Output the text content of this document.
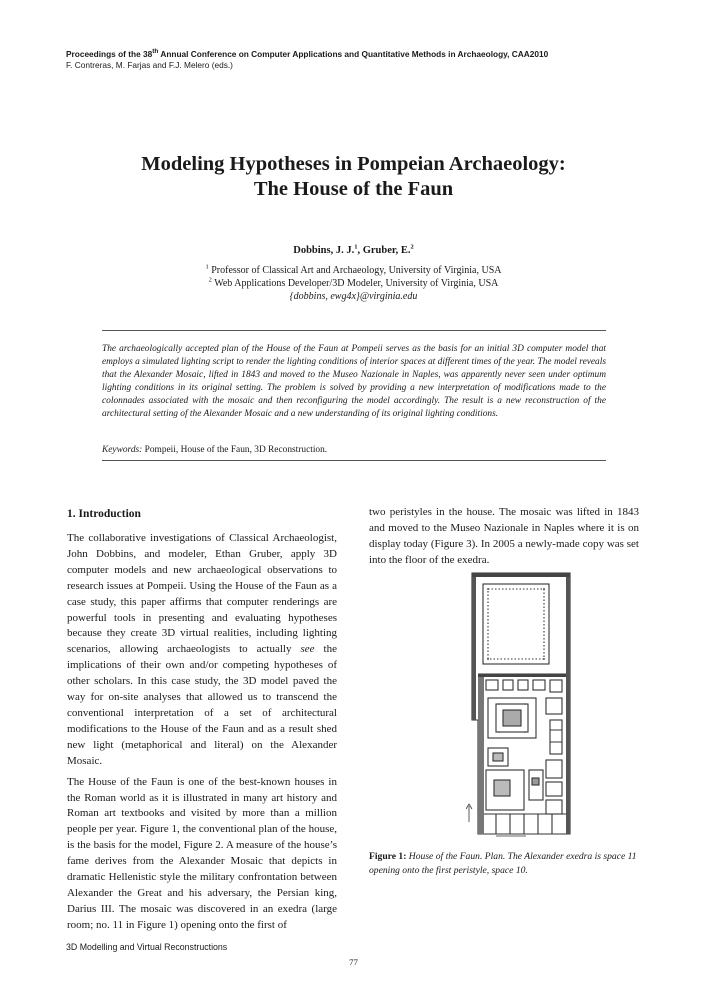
Proceedings of the 38th Annual Conference on Computer Applications and Quantitative Methods in Archaeology, CAA2010
F. Contreras, M. Farjas and F.J. Melero (eds.)
Modeling Hypotheses in Pompeian Archaeology:
The House of the Faun
Dobbins, J. J.$^1$, Gruber, E.$^2$
$^1$ Professor of Classical Art and Archaeology, University of Virginia, USA
$^2$ Web Applications Developer/3D Modeler, University of Virginia, USA
{dobbins, ewg4x}@virginia.edu
The archaeologically accepted plan of the House of the Faun at Pompeii serves as the basis for an initial 3D computer model that employs a simulated lighting script to render the lighting conditions of interior spaces at different times of the year. The model reveals that the Alexander Mosaic, lifted in 1843 and moved to the Museo Nazionale in Naples, was apparently never seen under optimum lighting conditions in its original setting. The problem is solved by providing a new interpretation of modifications made to the colonnades associated with the mosaic and then reconfiguring the model accordingly. The result is a new reconstruction of the architectural setting of the Alexander Mosaic and a new understanding of its original lighting conditions.
Keywords: Pompeii, House of the Faun, 3D Reconstruction.
1. Introduction

The collaborative investigations of Classical Archaeologist, John Dobbins, and modeler, Ethan Gruber, apply 3D computer models and new archaeological observations to research issues at Pompeii. Using the House of the Faun as a case study, this paper affirms that computer renderings are powerful tools in presenting and evaluating hypotheses because they create 3D virtual realities, including lighting scenarios, allowing archaeologists to actually see the implications of their own and/or competing hypotheses of other scholars. In this case study, the 3D model paved the way for on-site analyses that allowed us to transcend the conventional interpretation of a set of architectural modifications to the House of the Faun and as a result shed new light (metaphorical and literal) on the Alexander Mosaic.

The House of the Faun is one of the best-known houses in the Roman world as it is illustrated in many art history and Roman art textbooks and visited by more than a million people per year. Figure 1, the conventional plan of the house, is the basis for the model, Figure 2. A measure of the house’s fame derives from the Alexander Mosaic that depicts in dramatic Hellenistic style the military confrontation between Alexander the Great and his adversary, the Persian king, Darius III. The mosaic was discovered in an exedra (large room; no. 11 in Figure 1) opening onto the first of

two peristyles in the house. The mosaic was lifted in 1843 and moved to the Museo Nazionale in Naples where it is on display today (Figure 3). In 2005 a newly-made copy was set into the floor of the exedra.

Figure 1: House of the Faun. Plan. The Alexander exedra is space 11 opening onto the first peristyle, space 10.
3D Modelling and Virtual Reconstructions
77
